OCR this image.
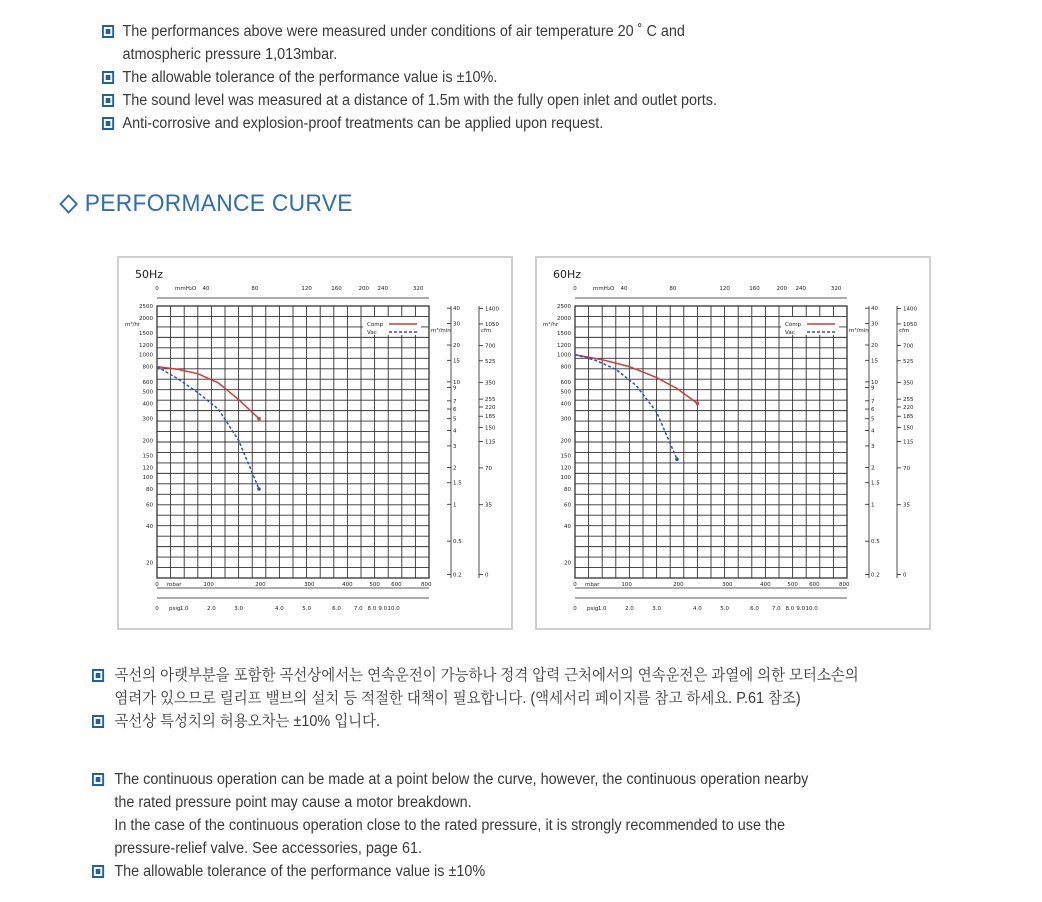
The performances above were measured under conditions of air temperature 20 ˚ C and
atmospheric pressure 1,013mbar.
The allowable tolerance of the performance value is ±10%.
The sound level was measured at a distance of 1.5m with the fully open inlet and outlet ports.
Anti-corrosive and explosion-proof treatments can be applied upon request.
PERFORMANCE CURVE
50Hz
0	mmH₂O 40	80	120	160	200 240	320
0	100	200	300	400	500 600	800
mbar
0	1.0	2.0	3.0	4.0	5.0	6.0 7.0 8.0 9.0 10.0
psig
m³/hr
2500
2000
1500
1200
1000
800
600
500
400
300
200
150
120
100
80
60
40
20
m³/min
40
30
20
15
10
9
7
6
5
4
3
2
1.5
1
0.5
0.2
cfm
1400
1050
700
525
350
255
220
185
150
115
70
35
0
Comp
Vac
60Hz
0	mmH₂O 40	80	120	160	200 240	320
0	100	200	300	400	500 600	800
mbar
0	1.0	2.0	3.0	4.0	5.0	6.0 7.0 8.0 9.0 10.0
psig
m³/hr
2500
2000
1500
1200
1000
800
600
500
400
300
200
150
120
100
80
60
40
20
m³/min
40
30
20
15
10
9
7
6
5
4
3
2
1.5
1
0.5
0.2
cfm
1400
1050
700
525
350
255
220
185
150
115
70
35
0
Comp
Vac
곡선의 아랫부분을 포함한 곡선상에서는 연속운전이 가능하나 정격 압력 근처에서의 연속운전은 과열에 의한 모터소손의
염려가 있으므로 릴리프 밸브의 설치 등 적절한 대책이 필요합니다. (액세서리 페이지를 참고 하세요. P.61 참조)
곡선상 특성치의 허용오차는 ±10% 입니다.
The continuous operation can be made at a point below the curve, however, the continuous operation nearby
the rated pressure point may cause a motor breakdown.
In the case of the continuous operation close to the rated pressure, it is strongly recommended to use the
pressure-relief valve. See accessories, page 61.
The allowable tolerance of the performance value is ±10%
